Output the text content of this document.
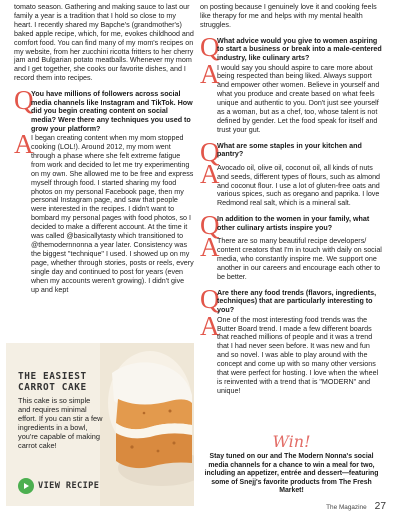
tomato season. Gathering and making sauce to last our family a year is a tradition that I hold so close to my heart. I recently shared my Bapche's (grandmother's) baked apple recipe, which, for me, evokes childhood and comfort food. You can find many of my mom's recipes on my website, from her zucchini ricotta fritters to her cherry jam and Bulgarian potato meatballs. Whenever my mom and I get together, she cooks our favorite dishes, and I record them into recipes.

Q

You have millions of followers across social media channels like Instagram and TikTok. How did you begin creating content on social media? Were there any techniques you used to grow your platform?

A

I began creating content when my mom stopped cooking (LOL!). Around 2012, my mom went through a phase where she felt extreme fatigue from work and decided to let me try experimenting on my own. She allowed me to be free and express myself through food. I started sharing my food photos on my personal Facebook page, then my personal Instagram page, and saw that people were interested in the recipes. I didn't want to bombard my personal pages with food photos, so I decided to make a different account. At the time it was called @basicallytasty which transitioned to @themodernnonna a year later. Consistency was the biggest "technique" I used. I showed up on my page, whether through stories, posts or reels, every single day and continued to post for years (even when my accounts weren't growing). I didn't give up and kept

THE EASIEST CARROT CAKE
This cake is so simple and requires minimal effort. If you can stir a few ingredients in a bowl, you're capable of making carrot cake!
VIEW RECIPE

on posting because I genuinely love it and cooking feels like therapy for me and helps with my mental health struggles.

Q

What advice would you give to women aspiring to start a business or break into a male-centered industry, like culinary arts?

A

I would say you should aspire to care more about being respected than being liked. Always support and empower other women. Believe in yourself and what you produce and create based on what feels unique and authentic to you. Don't just see yourself as a woman, but as a chef, too, whose talent is not defined by gender. Let the food speak for itself and trust your gut.

Q

What are some staples in your kitchen and pantry?

A

Avocado oil, olive oil, coconut oil, all kinds of nuts and seeds, different types of flours, such as almond and coconut flour. I use a lot of gluten-free oats and various spices, such as oregano and paprika. I love Redmond real salt, which is a mineral salt.

Q

In addition to the women in your family, what other culinary artists inspire you?

A

There are so many beautiful recipe developers/ content creators that I'm in touch with daily on social media, who constantly inspire me. We support one another in our careers and encourage each other to be better.

Q

Are there any food trends (flavors, ingredients, techniques) that are particularly interesting to you?

A

One of the most interesting food trends was the Butter Board trend. I made a few different boards that reached millions of people and it was a trend that I had never seen before. It was new and fun and so novel. I was able to play around with the concept and come up with so many other versions that were perfect for hosting. I love when the wheel is reinvented with a trend that is "MODERN" and unique!

Win!
Stay tuned on our and The Modern Nonna's social media channels for a chance to win a meal for two, including an appetizer, entrée and dessert—featuring some of Snejj's favorite products from The Fresh Market!
The Magazine 27
